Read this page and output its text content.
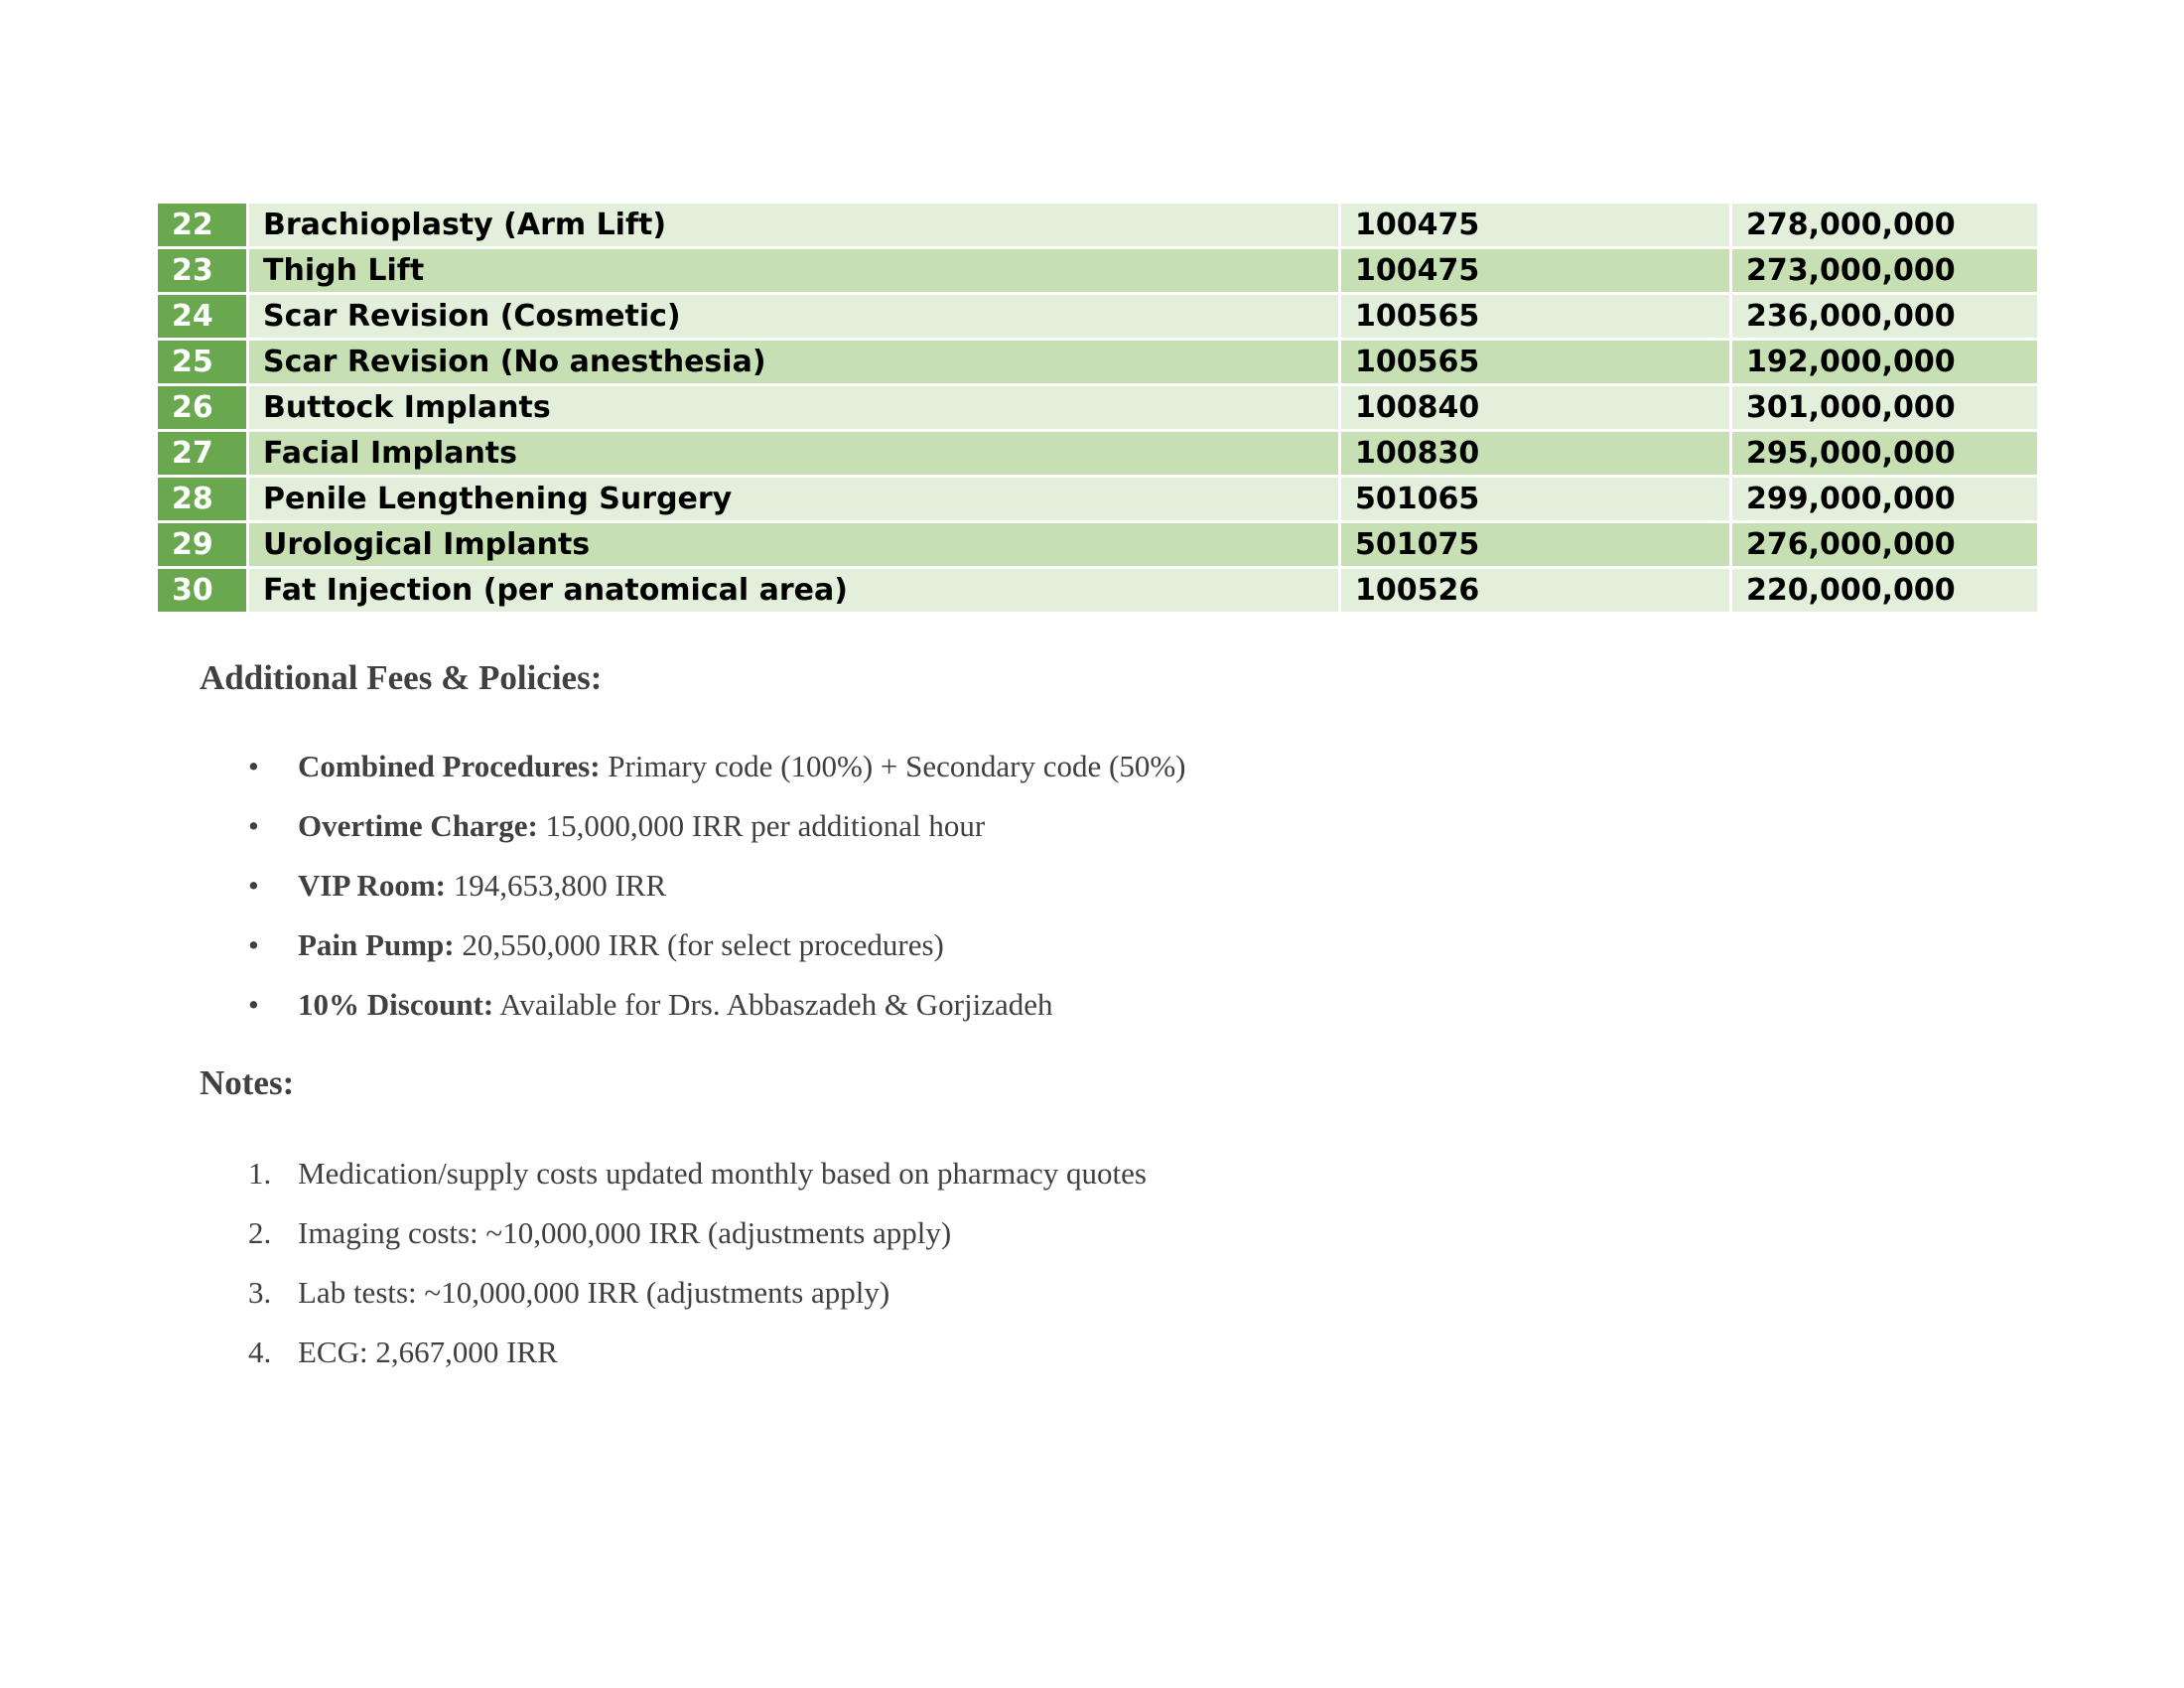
22	Brachioplasty (Arm Lift)	100475	278,000,000
23	Thigh Lift	100475	273,000,000
24	Scar Revision (Cosmetic)	100565	236,000,000
25	Scar Revision (No anesthesia)	100565	192,000,000
26	Buttock Implants	100840	301,000,000
27	Facial Implants	100830	295,000,000
28	Penile Lengthening Surgery	501065	299,000,000
29	Urological Implants	501075	276,000,000
30	Fat Injection (per anatomical area)	100526	220,000,000
Additional Fees & Policies:
• Combined Procedures: Primary code (100%) + Secondary code (50%)
• Overtime Charge: 15,000,000 IRR per additional hour
• VIP Room: 194,653,800 IRR
• Pain Pump: 20,550,000 IRR (for select procedures)
• 10% Discount: Available for Drs. Abbaszadeh & Gorjizadeh
Notes:
1. Medication/supply costs updated monthly based on pharmacy quotes
2. Imaging costs: ~10,000,000 IRR (adjustments apply)
3. Lab tests: ~10,000,000 IRR (adjustments apply)
4. ECG: 2,667,000 IRR
